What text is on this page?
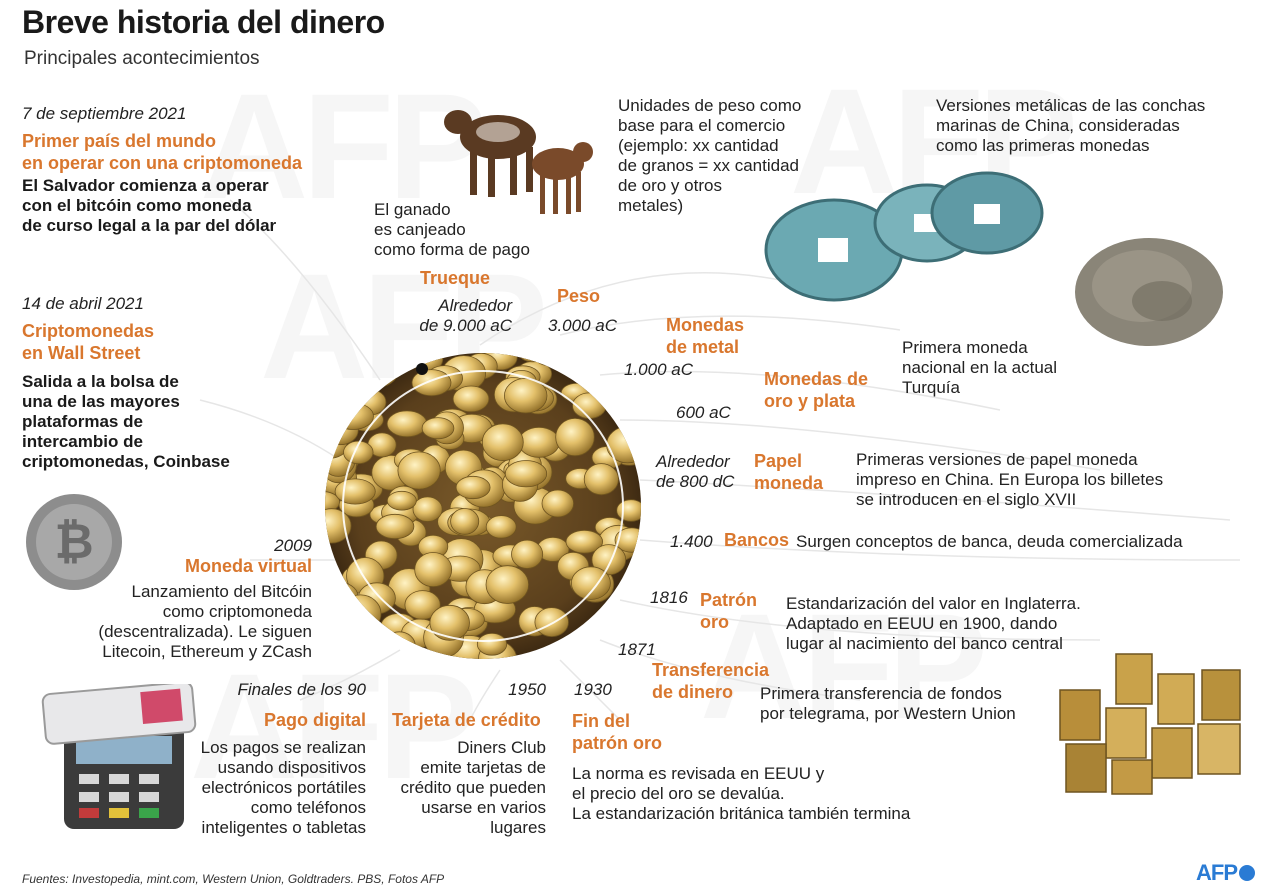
Breve historia del dinero
Principales acontecimientos
₿
7 de septiembre 2021
Primer país del mundo
en operar con una criptomoneda
El Salvador comienza a operar
con el bitcóin como moneda
de curso legal a la par del dólar
14 de abril 2021
Criptomonedas
en Wall Street
Salida a la bolsa de
una de las mayores
plataformas de
intercambio de
criptomonedas, Coinbase
2009
Moneda virtual
Lanzamiento del Bitcóin
como criptomoneda
(descentralizada). Le siguen
Litecoin, Ethereum y ZCash
Finales de los 90
Pago digital
Los pagos se realizan
usando dispositivos
electrónicos portátiles
como teléfonos
inteligentes o tabletas
1950
Tarjeta de crédito
Diners Club
emite tarjetas de
crédito que pueden
usarse en varios
lugares
1930
Fin del
patrón oro
La norma es revisada en EEUU y
el precio del oro se devalúa.
La estandarización británica también termina
El ganado
es canjeado
como forma de pago
Trueque
Alrededor
de 9.000 aC
Unidades de peso como
base para el comercio
(ejemplo: xx cantidad
de granos = xx cantidad
de oro y otros
metales)
Peso
3.000 aC
Versiones metálicas de las conchas
marinas de China, consideradas
como las primeras monedas
Monedas
de metal
1.000 aC
Primera moneda
nacional en la actual
Turquía
Monedas de
oro y plata
600 aC
Alrededor
de 800 dC
Papel
moneda
Primeras versiones de papel moneda
impreso en China. En Europa los billetes
se introducen en el siglo XVII
1.400 Bancos Surgen conceptos de banca, deuda comercializada
1816 Patrón
oro
Estandarización del valor en Inglaterra.
Adaptado en EEUU en 1900, dando
lugar al nacimiento del banco central
1871
Transferencia
de dinero	Primera transferencia de fondos
por telegrama, por Western Union
Fuentes: Investopedia, mint.com, Western Union, Goldtraders. PBS, Fotos AFP	AFP
